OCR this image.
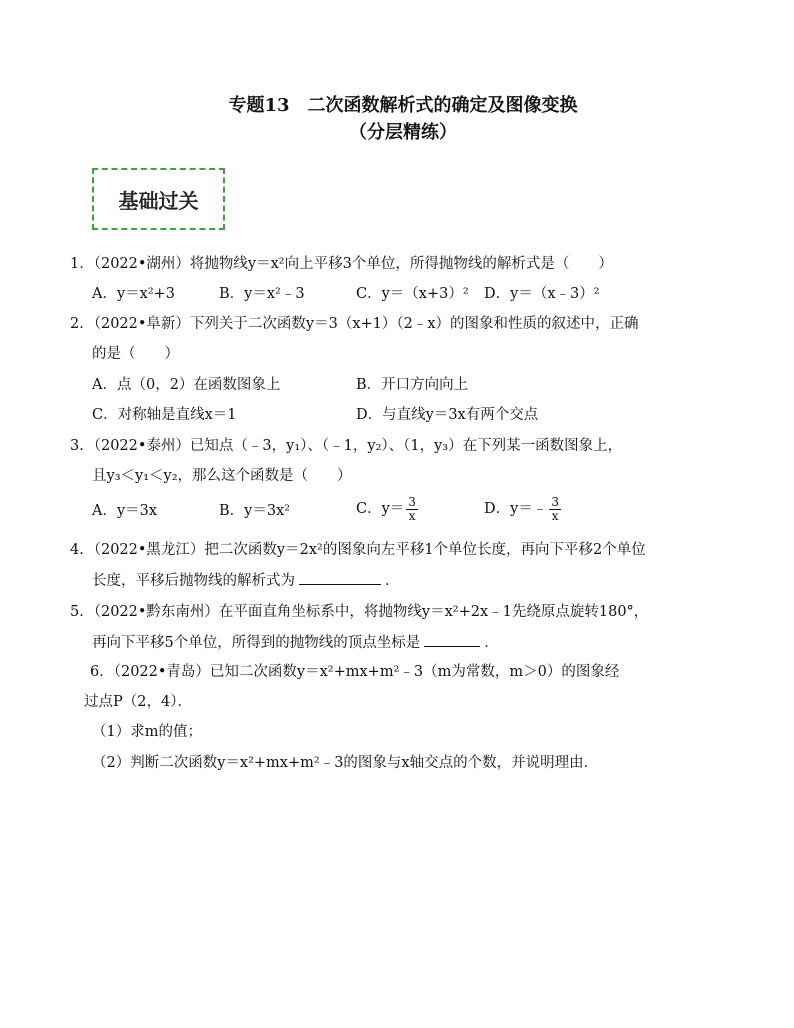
专题13　二次函数解析式的确定及图像变换
（分层精练）
基础过关
1．（2022•湖州）将抛物线y＝x²向上平移3个单位，所得抛物线的解析式是（　　）
A．y＝x²+3	B．y＝x²﹣3	C．y＝（x+3）² D．y＝（x﹣3）²
2．（2022•阜新）下列关于二次函数y＝3（x+1）（2﹣x）的图象和性质的叙述中，正确
的是（　　）
A．点（0，2）在函数图象上	B．开口方向向上
C．对称轴是直线x＝1	D．与直线y＝3x有两个交点
3．（2022•泰州）已知点（﹣3，y₁）、（﹣1，y₂）、（1，y₃）在下列某一函数图象上，
且y₃＜y₁＜y₂，那么这个函数是（　　）
A．y＝3x	B．y＝3x²	C．$y= \frac{3}{x}$	D．y＝﹣ $\frac{3}{x}$
4．（2022•黑龙江）把二次函数y＝2x²的图象向左平移1个单位长度，再向下平移2个单位
长度，平移后抛物线的解析式为	．
5．（2022•黔东南州）在平面直角坐标系中，将抛物线y＝x²+2x﹣1先绕原点旋转180°，
再向下平移5个单位，所得到的抛物线的顶点坐标是	．
6．（2022•青岛）已知二次函数y＝x²+mx+m²﹣3（m为常数，m＞0）的图象经
过点P（2，4）．
（1）求m的值；
（2）判断二次函数y＝x²+mx+m²﹣3的图象与x轴交点的个数，并说明理由．
